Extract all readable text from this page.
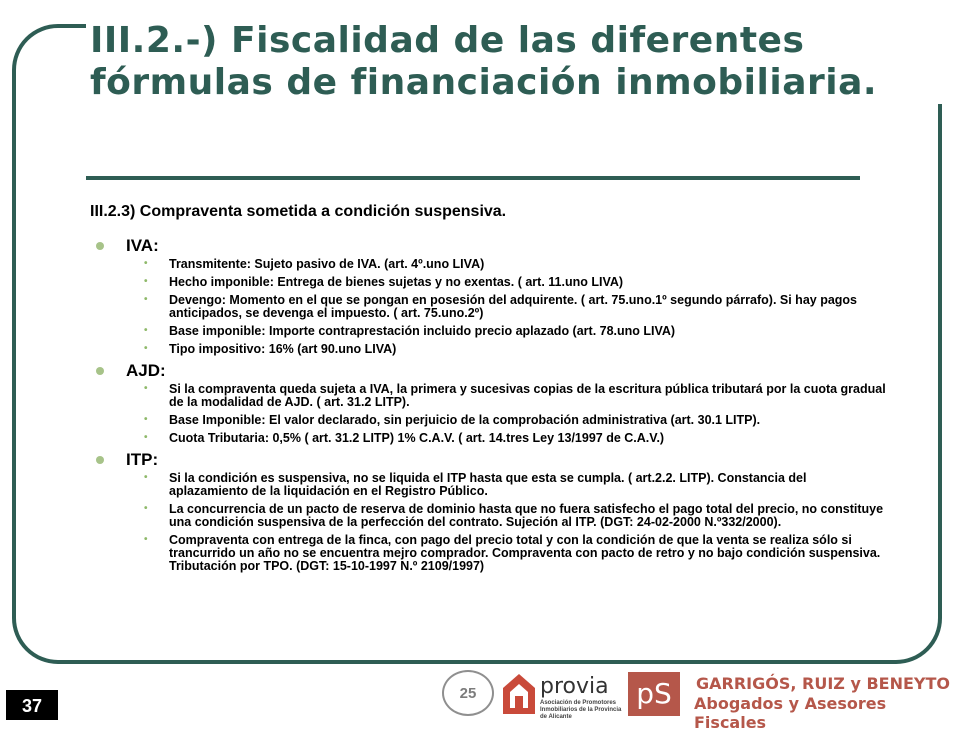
III.2.-) Fiscalidad de las diferentes fórmulas de financiación inmobiliaria.
III.2.3) Compraventa sometida a condición suspensiva.
IVA:
• Transmitente: Sujeto pasivo de IVA. (art. 4º.uno LIVA)
• Hecho imponible: Entrega de bienes sujetas y no exentas. ( art. 11.uno LIVA)
• Devengo: Momento en el que se pongan en posesión del adquirente. ( art. 75.uno.1º segundo párrafo). Si hay pagos anticipados, se devenga el impuesto. ( art. 75.uno.2º)
• Base imponible: Importe contraprestación incluido precio aplazado (art. 78.uno LIVA)
• Tipo impositivo: 16% (art 90.uno LIVA)
AJD:
• Si la compraventa queda sujeta a IVA, la primera y sucesivas copias de la escritura pública tributará por la cuota gradual de la modalidad de AJD. ( art. 31.2 LITP).
• Base Imponible: El valor declarado, sin perjuicio de la comprobación administrativa (art. 30.1 LITP).
• Cuota Tributaria: 0,5% ( art. 31.2 LITP) 1% C.A.V. ( art. 14.tres Ley 13/1997 de C.A.V.)
ITP:
• Si la condición es suspensiva, no se liquida el ITP hasta que esta se cumpla. ( art.2.2. LITP). Constancia del aplazamiento de la liquidación en el Registro Público.
• La concurrencia de un pacto de reserva de dominio hasta que no fuera satisfecho el pago total del precio, no constituye una condición suspensiva de la perfección del contrato. Sujeción al ITP. (DGT: 24-02-2000 N.º332/2000).
• Compraventa con entrega de la finca, con pago del precio total y con la condición de que la venta se realiza sólo si trancurrido un año no se encuentra mejro comprador. Compraventa con pacto de retro y no bajo condición suspensiva. Tributación por TPO. (DGT: 15-10-1997 N.º 2109/1997)
37
25	provia
Asociación de Promotores Inmobiliarios de la Provincia de Alicante
pS	GARRIGÓS, RUIZ y BENEYTO
Abogados y Asesores Fiscales
